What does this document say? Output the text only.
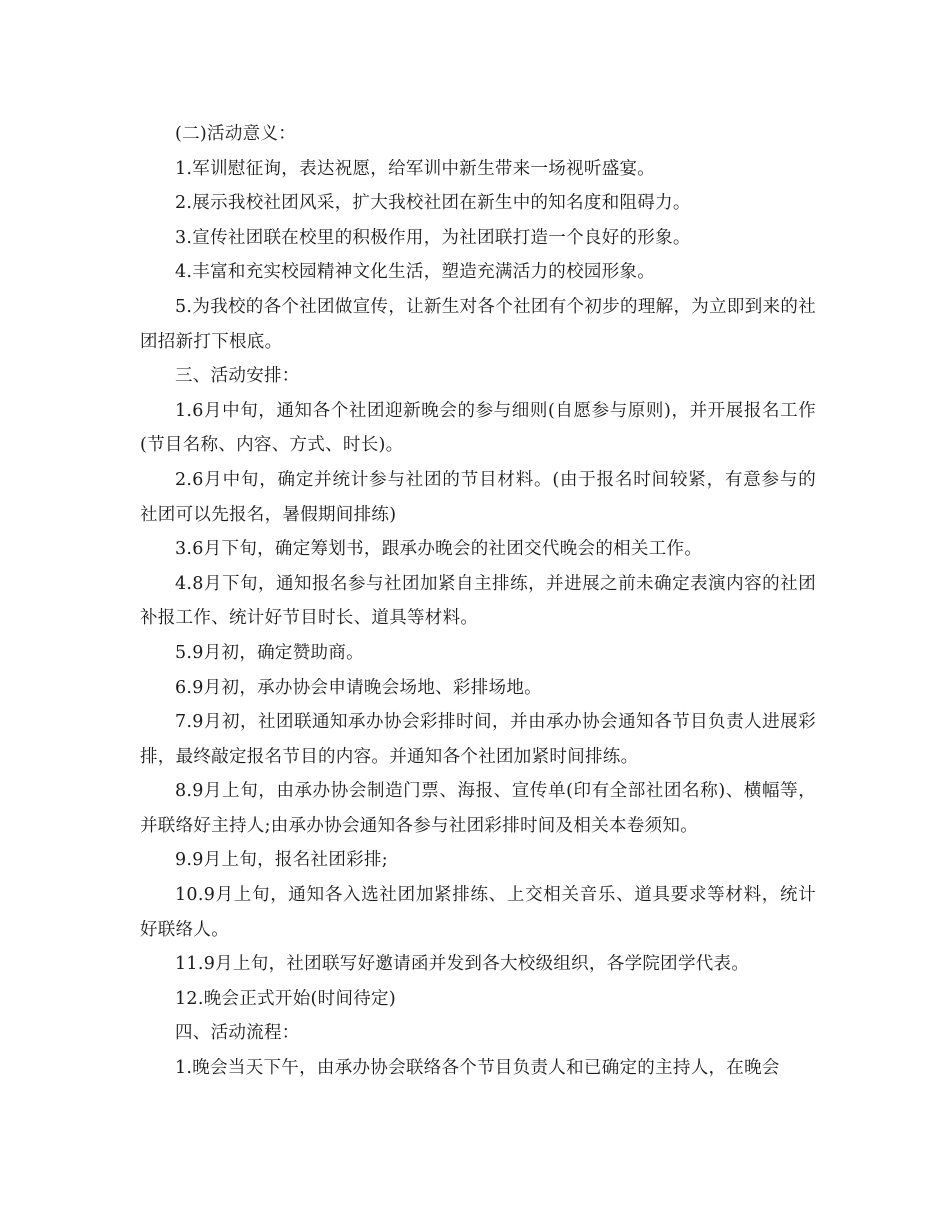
(二)活动意义：

1.军训慰征询，表达祝愿，给军训中新生带来一场视听盛宴。

2.展示我校社团风采，扩大我校社团在新生中的知名度和阻碍力。

3.宣传社团联在校里的积极作用，为社团联打造一个良好的形象。

4.丰富和充实校园精神文化生活，塑造充满活力的校园形象。

5.为我校的各个社团做宣传，让新生对各个社团有个初步的理解，为立即到来的社团招新打下根底。

三、活动安排：

1.6月中旬，通知各个社团迎新晚会的参与细则(自愿参与原则)，并开展报名工作(节目名称、内容、方式、时长)。

2.6月中旬，确定并统计参与社团的节目材料。(由于报名时间较紧，有意参与的社团可以先报名，暑假期间排练)

3.6月下旬，确定筹划书，跟承办晚会的社团交代晚会的相关工作。

4.8月下旬，通知报名参与社团加紧自主排练，并进展之前未确定表演内容的社团补报工作、统计好节目时长、道具等材料。

5.9月初，确定赞助商。

6.9月初，承办协会申请晚会场地、彩排场地。

7.9月初，社团联通知承办协会彩排时间，并由承办协会通知各节目负责人进展彩排，最终敲定报名节目的内容。并通知各个社团加紧时间排练。

8.9月上旬，由承办协会制造门票、海报、宣传单(印有全部社团名称)、横幅等，并联络好主持人;由承办协会通知各参与社团彩排时间及相关本卷须知。

9.9月上旬，报名社团彩排;

10.9月上旬，通知各入选社团加紧排练、上交相关音乐、道具要求等材料，统计好联络人。

11.9月上旬，社团联写好邀请函并发到各大校级组织，各学院团学代表。

12.晚会正式开始(时间待定)

四、活动流程：

1.晚会当天下午，由承办协会联络各个节目负责人和已确定的主持人，在晚会
